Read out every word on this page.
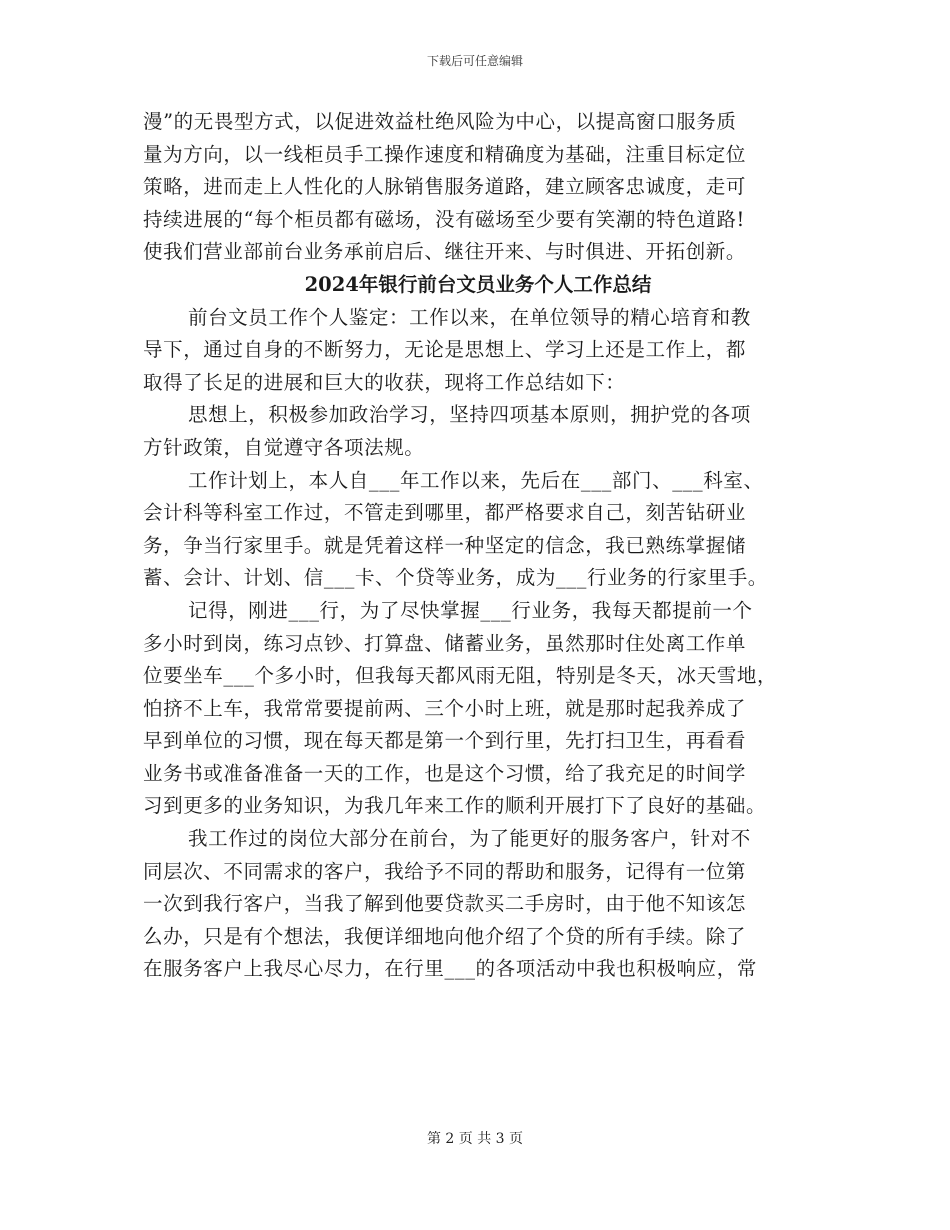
下载后可任意编辑
漫”的无畏型方式，以促进效益杜绝风险为中心，以提高窗口服务质
量为方向，以一线柜员手工操作速度和精确度为基础，注重目标定位
策略，进而走上人性化的人脉销售服务道路，建立顾客忠诚度，走可
持续进展的“每个柜员都有磁场，没有磁场至少要有笑潮的特色道路!
使我们营业部前台业务承前启后、继往开来、与时俱进、开拓创新。
2024年银行前台文员业务个人工作总结
前台文员工作个人鉴定：工作以来，在单位领导的精心培育和教
导下，通过自身的不断努力，无论是思想上、学习上还是工作上，都
取得了长足的进展和巨大的收获，现将工作总结如下：
思想上，积极参加政治学习，坚持四项基本原则，拥护党的各项
方针政策，自觉遵守各项法规。
工作计划上，本人自___年工作以来，先后在___部门、___科室、
会计科等科室工作过，不管走到哪里，都严格要求自己，刻苦钻研业
务，争当行家里手。就是凭着这样一种坚定的信念，我已熟练掌握储
蓄、会计、计划、信___卡、个贷等业务，成为___行业务的行家里手。
记得，刚进___行，为了尽快掌握___行业务，我每天都提前一个
多小时到岗，练习点钞、打算盘、储蓄业务，虽然那时住处离工作单
位要坐车___个多小时，但我每天都风雨无阻，特别是冬天，冰天雪地，
怕挤不上车，我常常要提前两、三个小时上班，就是那时起我养成了
早到单位的习惯，现在每天都是第一个到行里，先打扫卫生，再看看
业务书或准备准备一天的工作，也是这个习惯，给了我充足的时间学
习到更多的业务知识，为我几年来工作的顺利开展打下了良好的基础。
我工作过的岗位大部分在前台，为了能更好的服务客户，针对不
同层次、不同需求的客户，我给予不同的帮助和服务，记得有一位第
一次到我行客户，当我了解到他要贷款买二手房时，由于他不知该怎
么办，只是有个想法，我便详细地向他介绍了个贷的所有手续。除了
在服务客户上我尽心尽力，在行里___的各项活动中我也积极响应，常
第 2 页 共 3 页
